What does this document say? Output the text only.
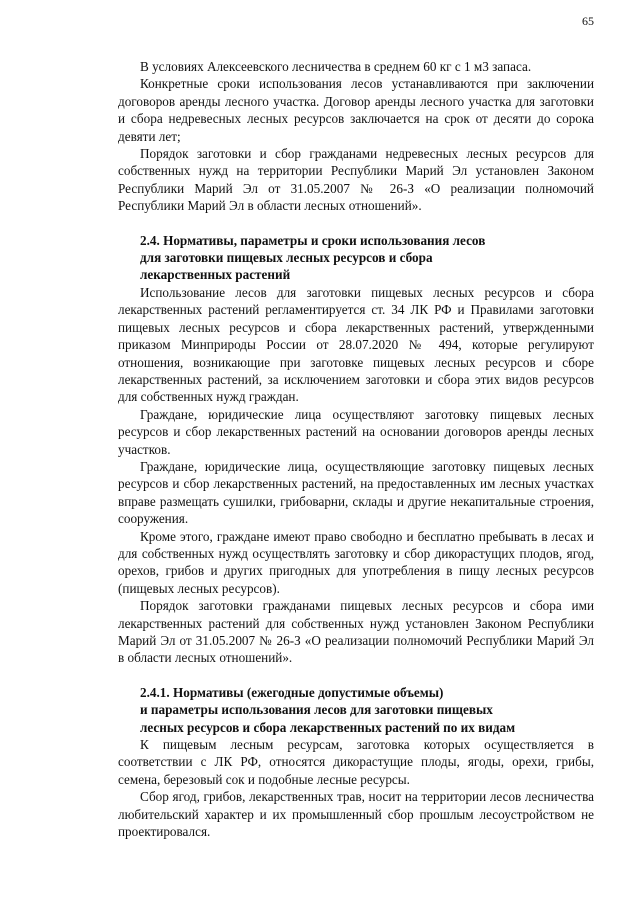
65

В условиях Алексеевского лесничества в среднем 60 кг с 1 м3 запаса.

Конкретные сроки использования лесов устанавливаются при заключении договоров аренды лесного участка. Договор аренды лесного участка для заготовки и сбора недревесных лесных ресурсов заключается на срок от десяти до сорока девяти лет;

Порядок заготовки и сбор гражданами недревесных лесных ресурсов для собственных нужд на территории Республики Марий Эл установлен Законом Республики Марий Эл от 31.05.2007 № 26-З «О реализации полномочий Республики Марий Эл в области лесных отношений».

2.4. Нормативы, параметры и сроки использования лесов

для заготовки пищевых лесных ресурсов и сбора

лекарственных растений

Использование лесов для заготовки пищевых лесных ресурсов и сбора лекарственных растений регламентируется ст. 34 ЛК РФ и Правилами заготовки пищевых лесных ресурсов и сбора лекарственных растений, утвержденными приказом Минприроды России от 28.07.2020 № 494, которые регулируют отношения, возникающие при заготовке пищевых лесных ресурсов и сборе лекарственных растений, за исключением заготовки и сбора этих видов ресурсов для собственных нужд граждан.

Граждане, юридические лица осуществляют заготовку пищевых лесных ресурсов и сбор лекарственных растений на основании договоров аренды лесных участков.

Граждане, юридические лица, осуществляющие заготовку пищевых лесных ресурсов и сбор лекарственных растений, на предоставленных им лесных участках вправе размещать сушилки, грибоварни, склады и другие некапитальные строения, сооружения.

Кроме этого, граждане имеют право свободно и бесплатно пребывать в лесах и для собственных нужд осуществлять заготовку и сбор дикорастущих плодов, ягод, орехов, грибов и других пригодных для употребления в пищу лесных ресурсов (пищевых лесных ресурсов).

Порядок заготовки гражданами пищевых лесных ресурсов и сбора ими лекарственных растений для собственных нужд установлен Законом Республики Марий Эл от 31.05.2007 № 26-З «О реализации полномочий Республики Марий Эл в области лесных отношений».

2.4.1. Нормативы (ежегодные допустимые объемы)

и параметры использования лесов для заготовки пищевых

лесных ресурсов и сбора лекарственных растений по их видам

К пищевым лесным ресурсам, заготовка которых осуществляется в соответствии с ЛК РФ, относятся дикорастущие плоды, ягоды, орехи, грибы, семена, березовый сок и подобные лесные ресурсы.

Сбор ягод, грибов, лекарственных трав, носит на территории лесов лесничества любительский характер и их промышленный сбор прошлым лесоустройством не проектировался.
